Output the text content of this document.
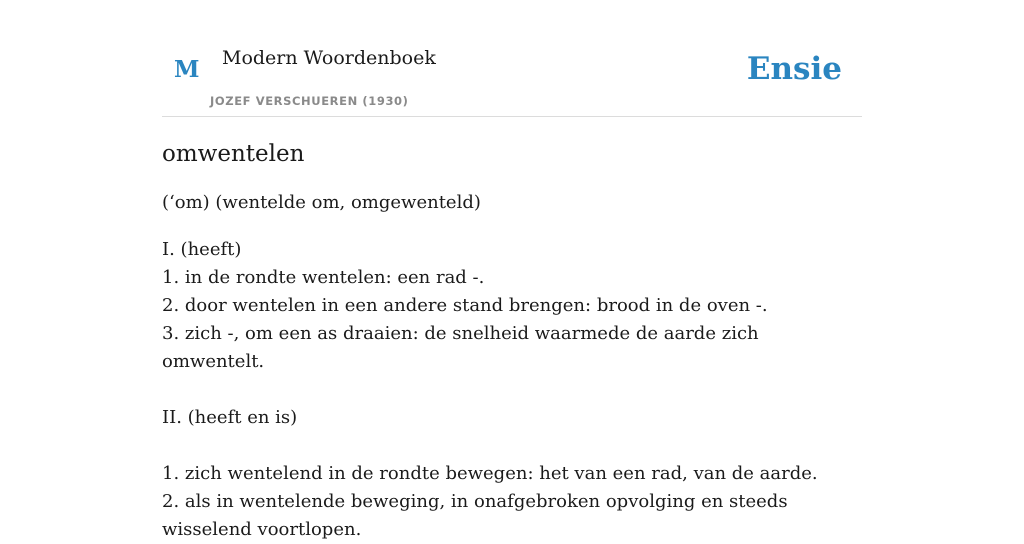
M Modern Woordenboek
JOZEF VERSCHUEREN (1930)
Ensie
omwentelen

(ʻom) (wentelde om, omgewenteld)

I. (heeft)

1. in de rondte wentelen: een rad -.

2. door wentelen in een andere stand brengen: brood in de oven -.

3. zich -, om een as draaien: de snelheid waarmede de aarde zich omwentelt.

II. (heeft en is)

1. zich wentelend in de rondte bewegen: het van een rad, van de aarde.

2. als in wentelende beweging, in onafgebroken opvolging en steeds wisselend voortlopen.
